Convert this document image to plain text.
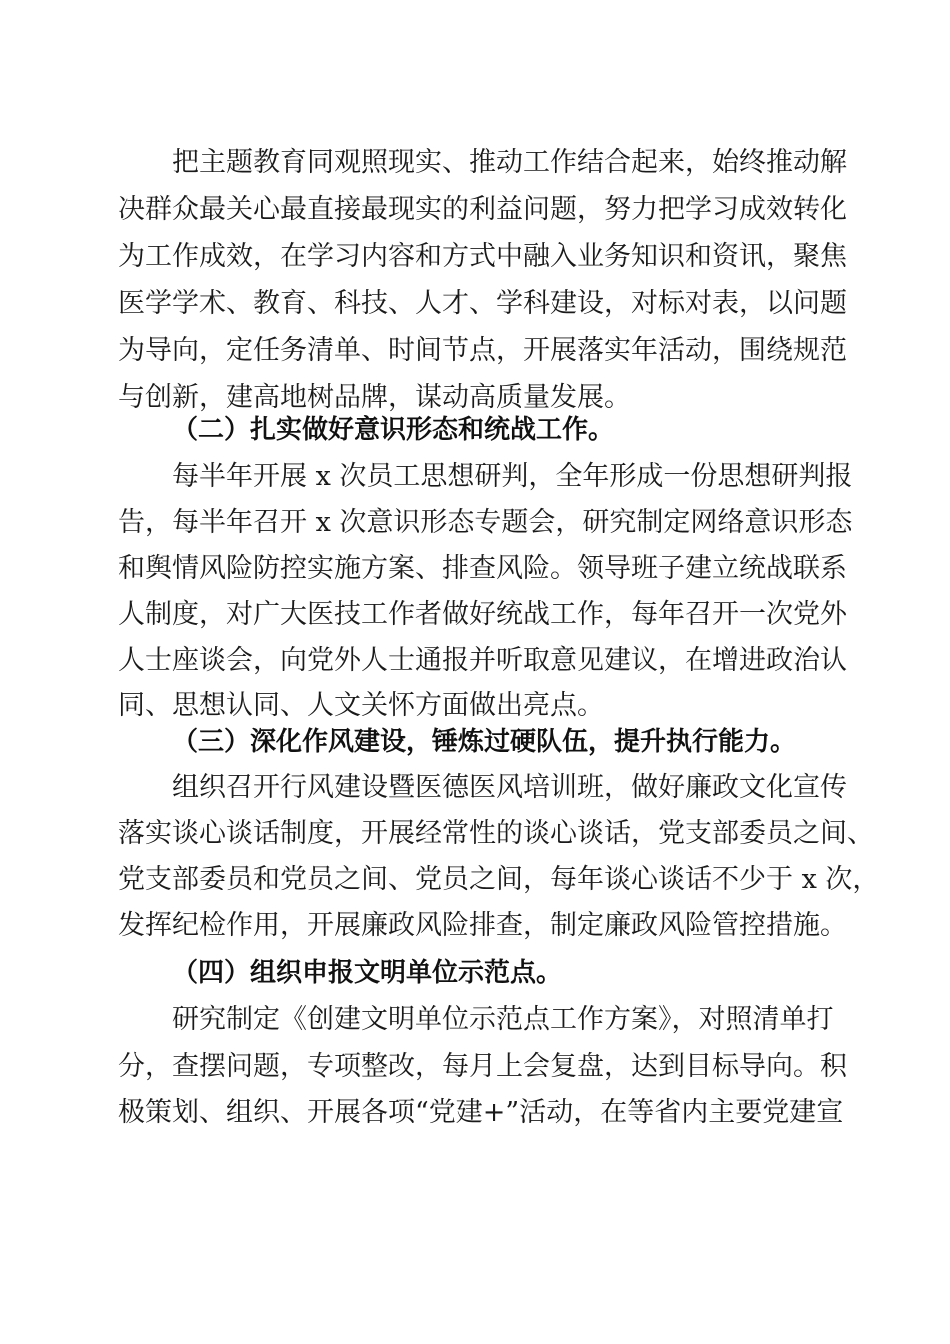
把主题教育同观照现实、推动工作结合起来，始终推动解

决群众最关心最直接最现实的利益问题，努力把学习成效转化

为工作成效，在学习内容和方式中融入业务知识和资讯，聚焦

医学学术、教育、科技、人才、学科建设，对标对表，以问题

为导向，定任务清单、时间节点，开展落实年活动，围绕规范

与创新，建高地树品牌，谋动高质量发展。

（二）扎实做好意识形态和统战工作。

每半年开展 x 次员工思想研判，全年形成一份思想研判报

告，每半年召开 x 次意识形态专题会，研究制定网络意识形态

和舆情风险防控实施方案、排查风险。领导班子建立统战联系

人制度，对广大医技工作者做好统战工作，每年召开一次党外

人士座谈会，向党外人士通报并听取意见建议，在增进政治认

同、思想认同、人文关怀方面做出亮点。

（三）深化作风建设，锤炼过硬队伍，提升执行能力。

组织召开行风建设暨医德医风培训班，做好廉政文化宣传

落实谈心谈话制度，开展经常性的谈心谈话，党支部委员之间、

党支部委员和党员之间、党员之间，每年谈心谈话不少于 x 次，

发挥纪检作用，开展廉政风险排查，制定廉政风险管控措施。

（四）组织申报文明单位示范点。

研究制定《创建文明单位示范点工作方案》，对照清单打

分，查摆问题，专项整改，每月上会复盘，达到目标导向。积

极策划、组织、开展各项“党建+”活动，在等省内主要党建宣
